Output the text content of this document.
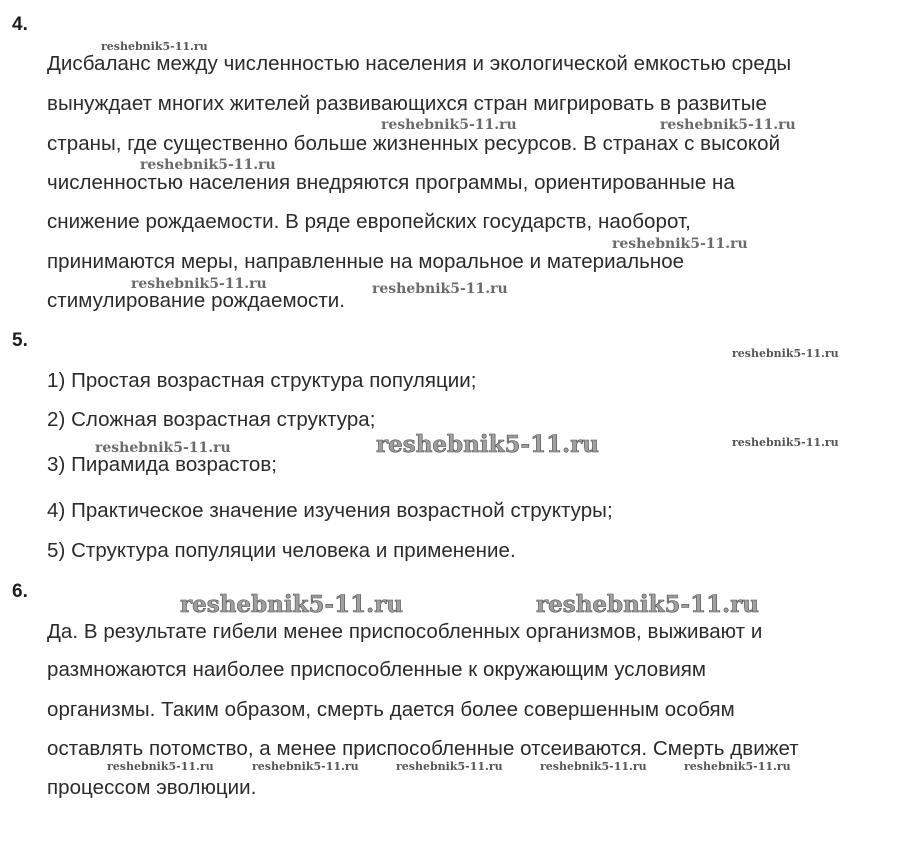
4.
Дисбаланс между численностью населения и экологической емкостью среды
вынуждает многих жителей развивающихся стран мигрировать в развитые
страны, где существенно больше жизненных ресурсов. В странах с высокой
численностью населения внедряются программы, ориентированные на
снижение рождаемости. В ряде европейских государств, наоборот,
принимаются меры, направленные на моральное и материальное
стимулирование рождаемости.
5.
1) Простая возрастная структура популяции;
2) Сложная возрастная структура;
3) Пирамида возрастов;
4) Практическое значение изучения возрастной структуры;
5) Структура популяции человека и применение.
6.
Да. В результате гибели менее приспособленных организмов, выживают и
размножаются наиболее приспособленные к окружающим условиям
организмы. Таким образом, смерть дается более совершенным особям
оставлять потомство, а менее приспособленные отсеиваются. Смерть движет
процессом эволюции.
reshebnik5-11.ru
reshebnik5-11.ru	reshebnik5-11.ru
reshebnik5-11.ru
reshebnik5-11.ru
reshebnik5-11.ru	reshebnik5-11.ru
reshebnik5-11.ru
reshebnik5-11.ru	reshebnik5-11.ru	reshebnik5-11.ru
reshebnik5-11.ru	reshebnik5-11.ru
reshebnik5-11.ru	reshebnik5-11.ru	reshebnik5-11.ru	reshebnik5-11.ru	reshebnik5-11.ru
